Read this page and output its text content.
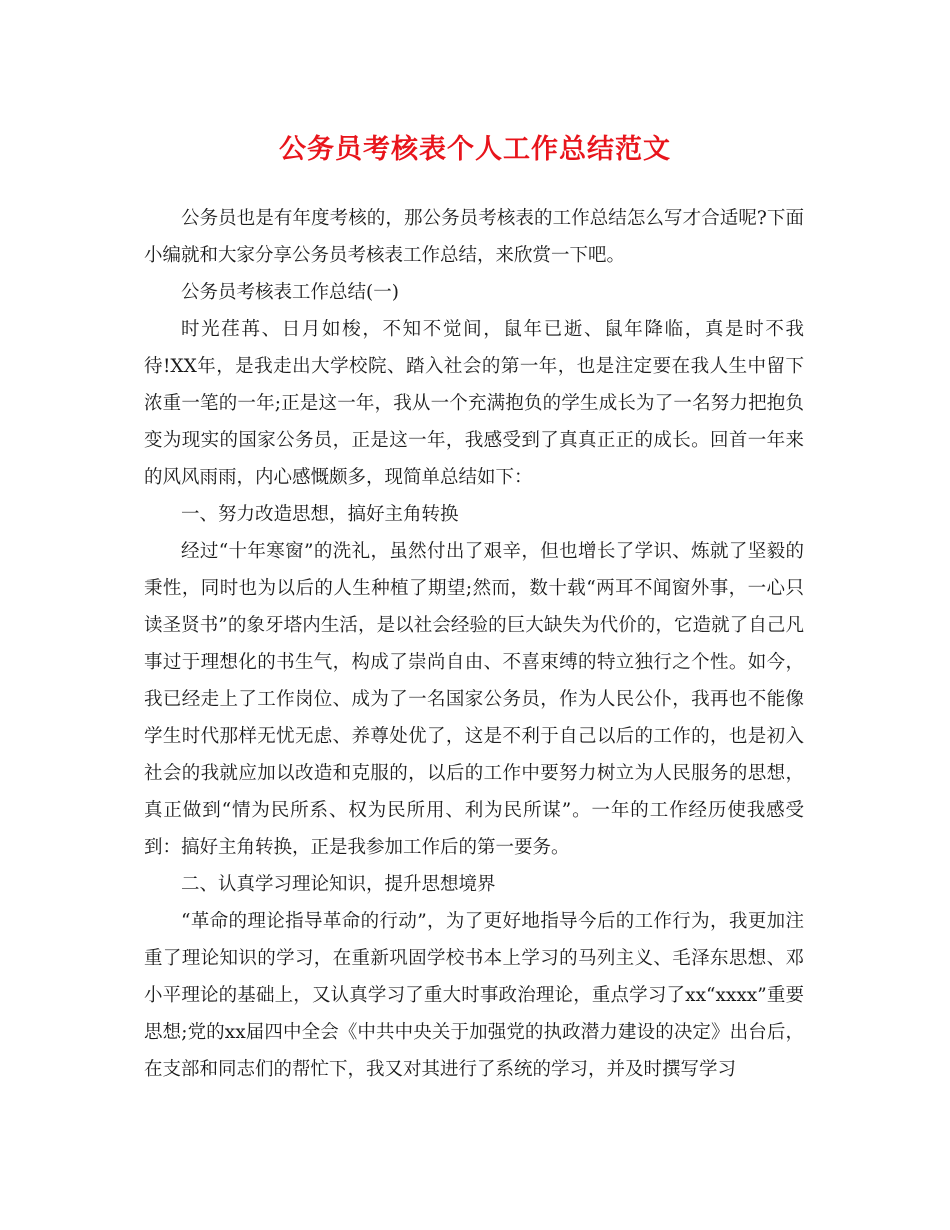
公务员考核表个人工作总结范文

公务员也是有年度考核的，那公务员考核表的工作总结怎么写才合适呢?下面小编就和大家分享公务员考核表工作总结，来欣赏一下吧。

公务员考核表工作总结(一)

时光荏苒、日月如梭，不知不觉间，鼠年已逝、鼠年降临，真是时不我待!XX年，是我走出大学校院、踏入社会的第一年，也是注定要在我人生中留下浓重一笔的一年;正是这一年，我从一个充满抱负的学生成长为了一名努力把抱负变为现实的国家公务员，正是这一年，我感受到了真真正正的成长。回首一年来的风风雨雨，内心感慨颇多，现简单总结如下：

一、努力改造思想，搞好主角转换

经过“十年寒窗”的洗礼，虽然付出了艰辛，但也增长了学识、炼就了坚毅的秉性，同时也为以后的人生种植了期望;然而，数十载“两耳不闻窗外事，一心只读圣贤书”的象牙塔内生活，是以社会经验的巨大缺失为代价的，它造就了自己凡事过于理想化的书生气，构成了崇尚自由、不喜束缚的特立独行之个性。如今，我已经走上了工作岗位、成为了一名国家公务员，作为人民公仆，我再也不能像学生时代那样无忧无虑、养尊处优了，这是不利于自己以后的工作的，也是初入社会的我就应加以改造和克服的，以后的工作中要努力树立为人民服务的思想，真正做到“情为民所系、权为民所用、利为民所谋”。一年的工作经历使我感受到：搞好主角转换，正是我参加工作后的第一要务。

二、认真学习理论知识，提升思想境界

“革命的理论指导革命的行动”，为了更好地指导今后的工作行为，我更加注重了理论知识的学习，在重新巩固学校书本上学习的马列主义、毛泽东思想、邓小平理论的基础上，又认真学习了重大时事政治理论，重点学习了xx“xxxx”重要思想;党的xx届四中全会《中共中央关于加强党的执政潜力建设的决定》出台后，在支部和同志们的帮忙下，我又对其进行了系统的学习，并及时撰写学习
